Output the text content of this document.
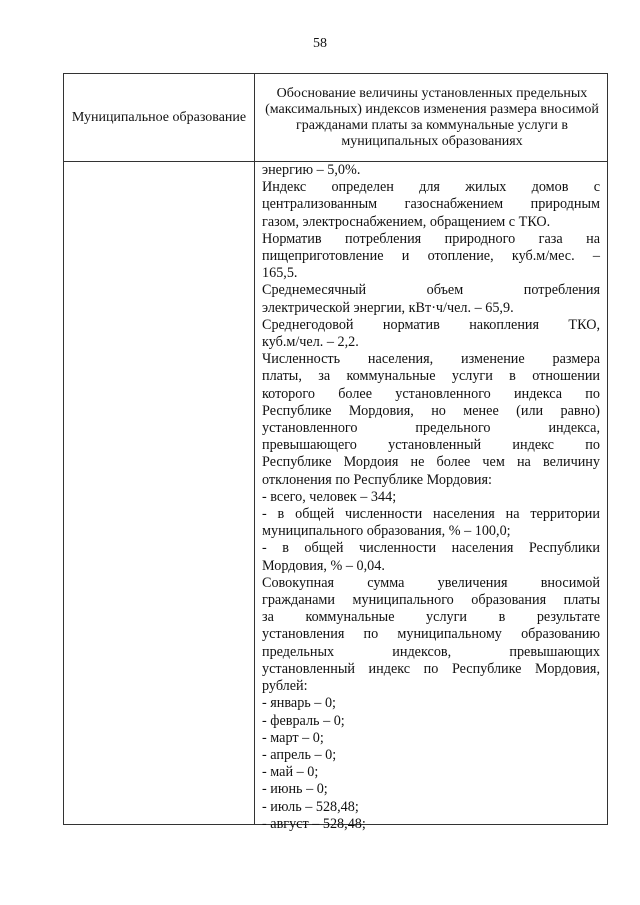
58
Муниципальное образование
Обоснование величины установленных предельных (максимальных) индексов изменения размера вносимой гражданами платы за коммунальные услуги в муниципальных образованиях
энергию – 5,0%.
Индекс определен для жилых домов с
централизованным газоснабжением природным
газом, электроснабжением, обращением с ТКО.
Норматив потребления природного газа на
пищеприготовление и отопление, куб.м/мес. –
165,5.
Среднемесячный объем потребления
электрической энергии, кВт·ч/чел. – 65,9.
Среднегодовой норматив накопления ТКО,
куб.м/чел. – 2,2.
Численность населения, изменение размера
платы, за коммунальные услуги в отношении
которого более установленного индекса по
Республике Мордовия, но менее (или равно)
установленного предельного индекса,
превышающего установленный индекс по
Республике Мордоия не более чем на величину
отклонения по Республике Мордовия:
- всего, человек – 344;
- в общей численности населения на территории
муниципального образования, % – 100,0;
- в общей численности населения Республики
Мордовия, % – 0,04.
Совокупная сумма увеличения вносимой
гражданами муниципального образования платы
за коммунальные услуги в результате
установления по муниципальному образованию
предельных индексов, превышающих
установленный индекс по Республике Мордовия,
рублей:
- январь – 0;
- февраль – 0;
- март – 0;
- апрель – 0;
- май – 0;
- июнь – 0;
- июль – 528,48;
- август – 528,48;
